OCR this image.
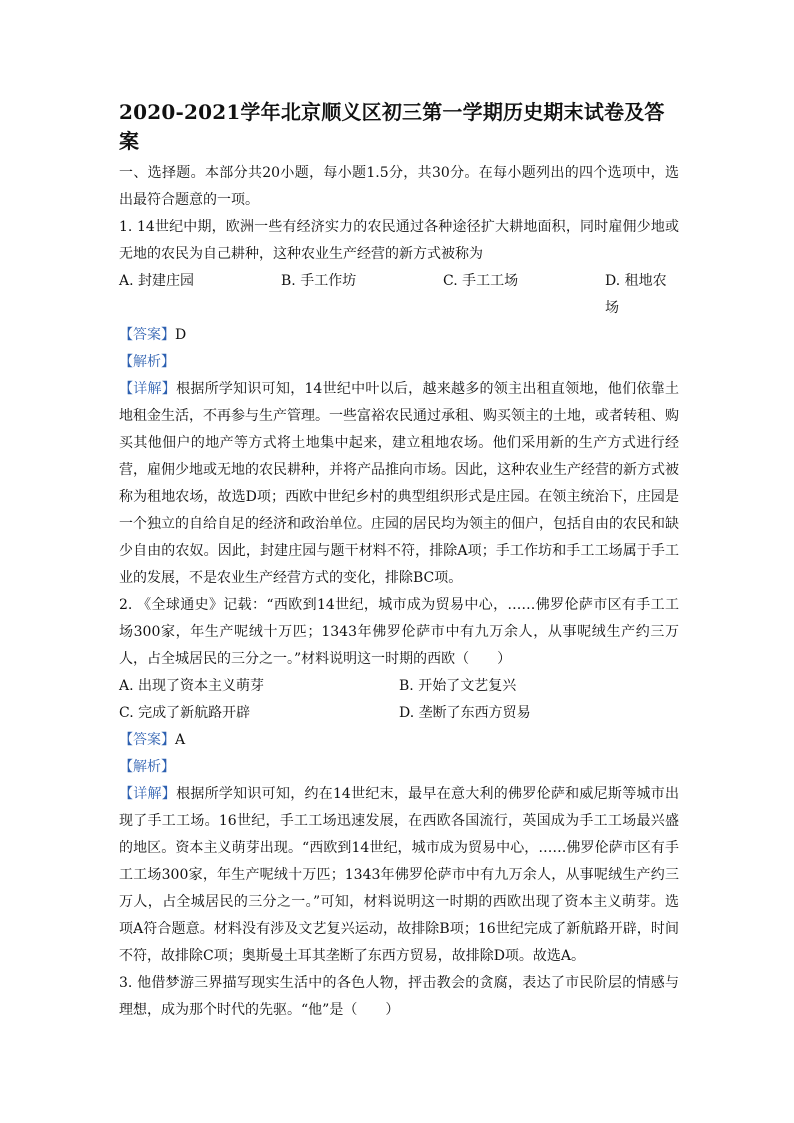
2020-2021学年北京顺义区初三第一学期历史期末试卷及答案

一、选择题。本部分共20小题，每小题1.5分，共30分。在每小题列出的四个选项中，选出最符合题意的一项。

1. 14世纪中期，欧洲一些有经济实力的农民通过各种途径扩大耕地面积，同时雇佣少地或无地的农民为自己耕种，这种农业生产经营的新方式被称为

A. 封建庄园	B. 手工作坊	C. 手工工场	D. 租地农场

【答案】D

【解析】

【详解】根据所学知识可知，14世纪中叶以后，越来越多的领主出租直领地，他们依靠土地租金生活，不再参与生产管理。一些富裕农民通过承租、购买领主的土地，或者转租、购买其他佃户的地产等方式将土地集中起来，建立租地农场。他们采用新的生产方式进行经营，雇佣少地或无地的农民耕种，并将产品推向市场。因此，这种农业生产经营的新方式被称为租地农场，故选D项；西欧中世纪乡村的典型组织形式是庄园。在领主统治下，庄园是一个独立的自给自足的经济和政治单位。庄园的居民均为领主的佃户，包括自由的农民和缺少自由的农奴。因此，封建庄园与题干材料不符，排除A项；手工作坊和手工工场属于手工业的发展，不是农业生产经营方式的变化，排除BC项。

2. 《全球通史》记载：“西欧到14世纪，城市成为贸易中心，……佛罗伦萨市区有手工工场300家，年生产呢绒十万匹；1343年佛罗伦萨市中有九万余人，从事呢绒生产约三万人，占全城居民的三分之一。”材料说明这一时期的西欧（　　）

A. 出现了资本主义萌芽	B. 开始了文艺复兴
C. 完成了新航路开辟	D. 垄断了东西方贸易

【答案】A

【解析】

【详解】根据所学知识可知，约在14世纪末，最早在意大利的佛罗伦萨和威尼斯等城市出现了手工工场。16世纪，手工工场迅速发展，在西欧各国流行，英国成为手工工场最兴盛的地区。资本主义萌芽出现。“西欧到14世纪，城市成为贸易中心，……佛罗伦萨市区有手工工场300家，年生产呢绒十万匹；1343年佛罗伦萨市中有九万余人，从事呢绒生产约三万人，占全城居民的三分之一。”可知，材料说明这一时期的西欧出现了资本主义萌芽。选项A符合题意。材料没有涉及文艺复兴运动，故排除B项；16世纪完成了新航路开辟，时间不符，故排除C项；奥斯曼土耳其垄断了东西方贸易，故排除D项。故选A。

3. 他借梦游三界描写现实生活中的各色人物，抨击教会的贪腐，表达了市民阶层的情感与理想，成为那个时代的先驱。“他”是（　　）
